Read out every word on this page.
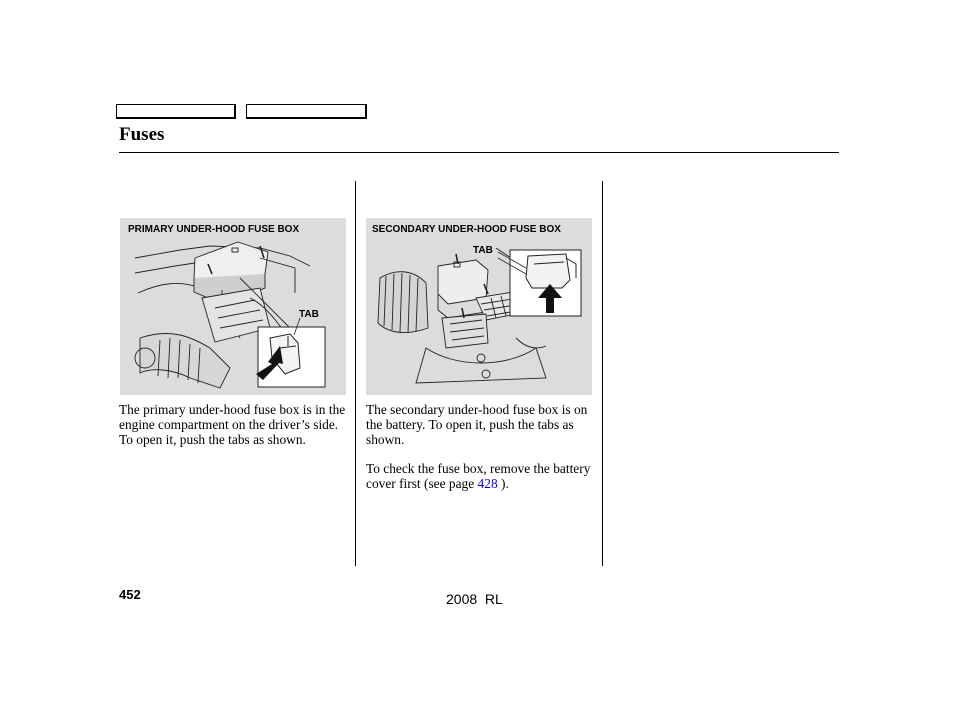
Fuses
PRIMARY UNDER-HOOD FUSE BOX
TAB
SECONDARY UNDER-HOOD FUSE BOX
TAB
The primary under-hood fuse box is in the engine compartment on the driver’s side. To open it, push the tabs as shown.
The secondary under-hood fuse box is on the battery. To open it, push the tabs as shown.
To check the fuse box, remove the battery cover first (see page 428 ).
452	2008  RL
